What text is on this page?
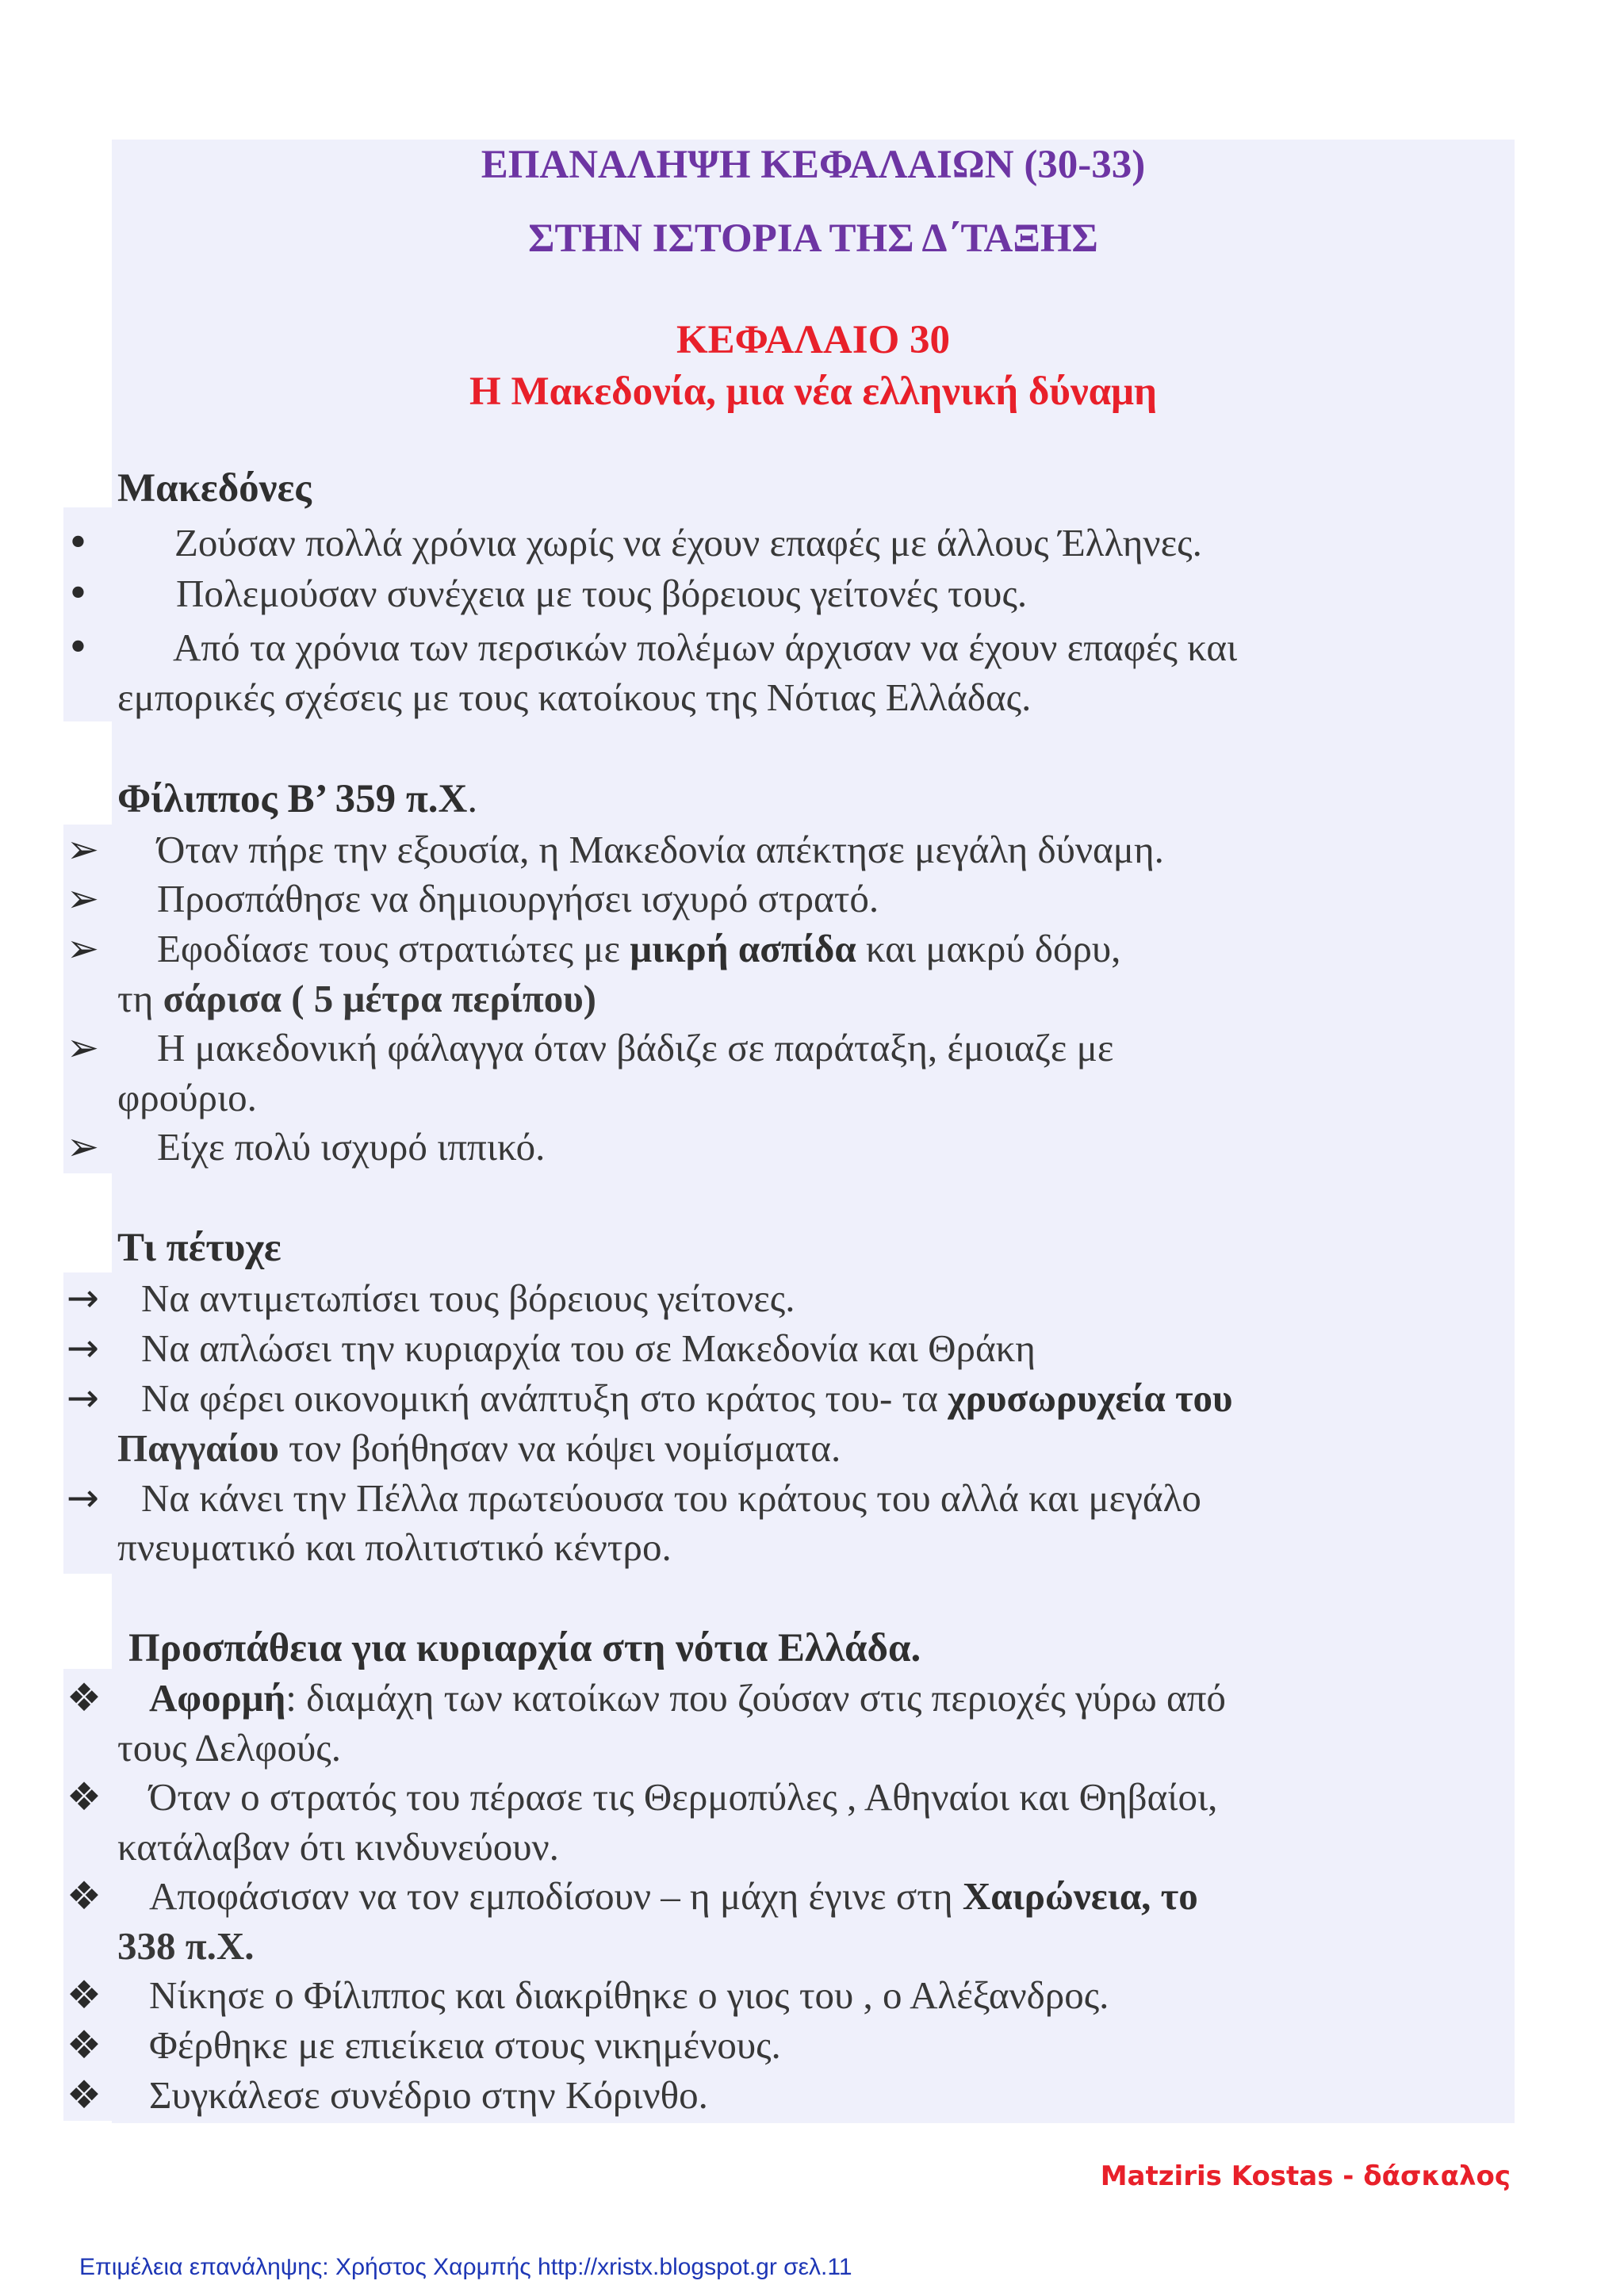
ΕΠΑΝΑΛΗΨΗ ΚΕΦΑΛΑΙΩΝ (30-33)
ΣΤΗΝ ΙΣΤΟΡΙΑ ΤΗΣ Δ΄ΤΑΞΗΣ
ΚΕΦΑΛΑΙΟ 30
Η Μακεδονία, μια νέα ελληνική δύναμη
Μακεδόνες
• Ζούσαν πολλά χρόνια χωρίς να έχουν επαφές με άλλους Έλληνες.
• Πολεμούσαν συνέχεια με τους βόρειους γείτονές τους.
• Από τα χρόνια των περσικών πολέμων άρχισαν να έχουν επαφές και
εμπορικές σχέσεις με τους κατοίκους της Νότιας Ελλάδας.
Φίλιππος Β’ 359 π.Χ.
➢ Όταν πήρε την εξουσία, η Μακεδονία απέκτησε μεγάλη δύναμη.
➢ Προσπάθησε να δημιουργήσει ισχυρό στρατό.
➢ Εφοδίασε τους στρατιώτες με μικρή ασπίδα και μακρύ δόρυ,
τη σάρισα ( 5 μέτρα περίπου)
➢ Η μακεδονική φάλαγγα όταν βάδιζε σε παράταξη, έμοιαζε με
φρούριο.
➢ Είχε πολύ ισχυρό ιππικό.
Τι πέτυχε
→ Να αντιμετωπίσει τους βόρειους γείτονες.
→ Να απλώσει την κυριαρχία του σε Μακεδονία και Θράκη
→ Να φέρει οικονομική ανάπτυξη στο κράτος του- τα χρυσωρυχεία του
Παγγαίου τον βοήθησαν να κόψει νομίσματα.
→ Να κάνει την Πέλλα πρωτεύουσα του κράτους του αλλά και μεγάλο
πνευματικό και πολιτιστικό κέντρο.
Προσπάθεια για κυριαρχία στη νότια Ελλάδα.
❖ Αφορμή: διαμάχη των κατοίκων που ζούσαν στις περιοχές γύρω από
τους Δελφούς.
❖ Όταν ο στρατός του πέρασε τις Θερμοπύλες , Αθηναίοι και Θηβαίοι,
κατάλαβαν ότι κινδυνεύουν.
❖ Αποφάσισαν να τον εμποδίσουν – η μάχη έγινε στη Χαιρώνεια, το
338 π.Χ.
❖ Νίκησε ο Φίλιππος και διακρίθηκε ο γιος του , ο Αλέξανδρος.
❖ Φέρθηκε με επιείκεια στους νικημένους.
❖ Συγκάλεσε συνέδριο στην Κόρινθο.
Matziris Kostas - δάσκαλος
Επιμέλεια επανάληψης: Χρήστος Χαρμπής http://xristx.blogspot.gr σελ.11
